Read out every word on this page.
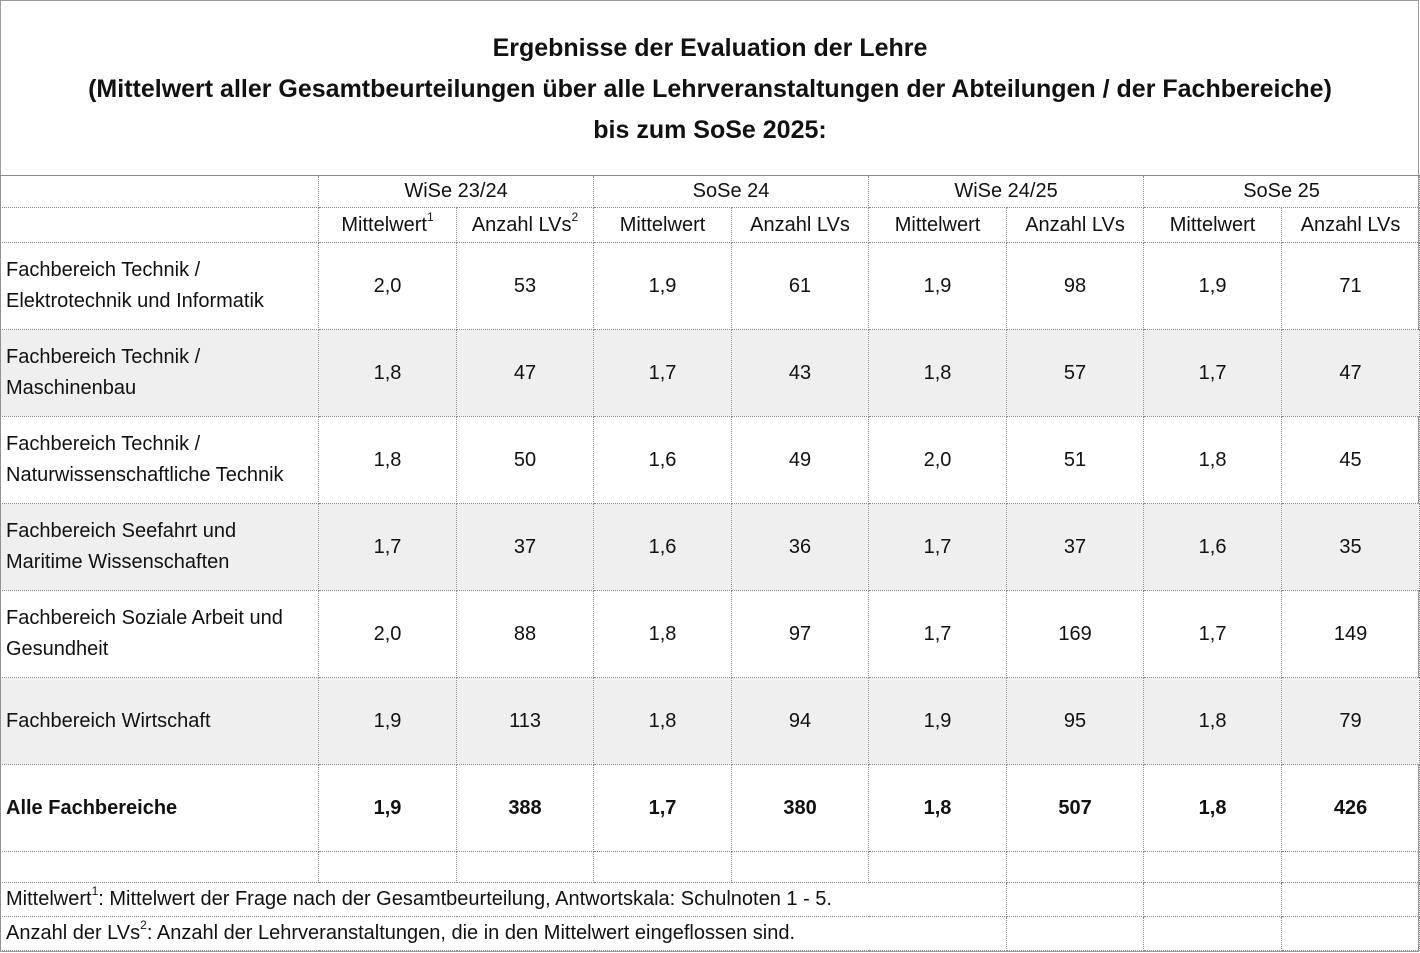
Ergebnisse der Evaluation der Lehre
(Mittelwert aller Gesamtbeurteilungen über alle Lehrveranstaltungen der Abteilungen / der Fachbereiche)
bis zum SoSe 2025:
	WiSe 23/24		SoSe 24		WiSe 24/25		SoSe 25	
	Mittelwert$^1$	Anzahl LVs$^2$	Mittelwert	Anzahl LVs	Mittelwert	Anzahl LVs	Mittelwert	Anzahl LVs
Fachbereich Technik / Elektrotechnik und Informatik	2,0	53	1,9	61	1,9	98	1,9	71
Fachbereich Technik / Maschinenbau	1,8	47	1,7	43	1,8	57	1,7	47
Fachbereich Technik / Naturwissenschaftliche Technik	1,8	50	1,6	49	2,0	51	1,8	45
Fachbereich Seefahrt und Maritime Wissenschaften	1,7	37	1,6	36	1,7	37	1,6	35
Fachbereich Soziale Arbeit und Gesundheit	2,0	88	1,8	97	1,7	169	1,7	149
Fachbereich Wirtschaft	1,9	113	1,8	94	1,9	95	1,8	79
Alle Fachbereiche	1,9	388	1,7	380	1,8	507	1,8	426

Mittelwert$^1$: Mittelwert der Frage nach der Gesamtbeurteilung, Antwortskala: Schulnoten 1 - 5.								
Anzahl der LVs$^2$: Anzahl der Lehrveranstaltungen, die in den Mittelwert eingeflossen sind.								
